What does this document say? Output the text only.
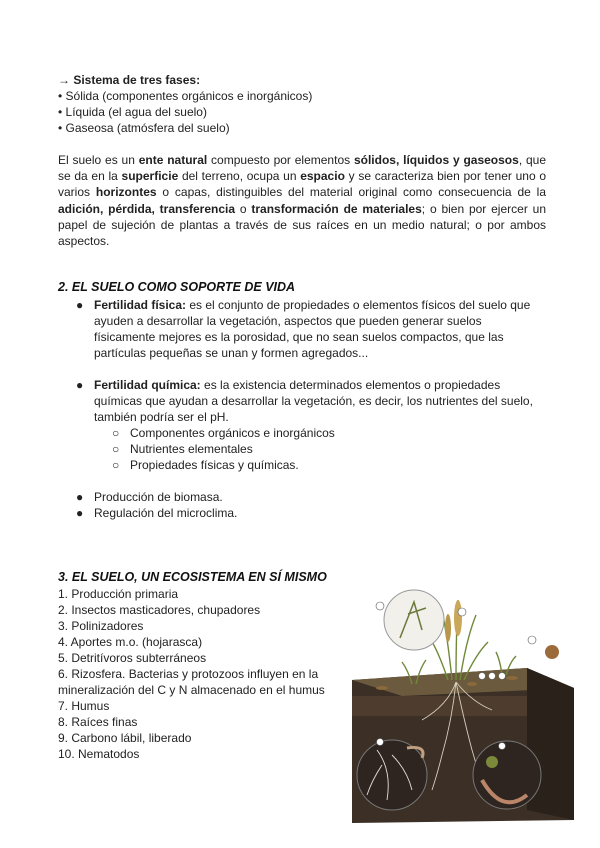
→ Sistema de tres fases:
• Sólida (componentes orgánicos e inorgánicos)
• Líquida (el agua del suelo)
• Gaseosa (atmósfera del suelo)
El suelo es un ente natural compuesto por elementos sólidos, líquidos y gaseosos, que se da en la superficie del terreno, ocupa un espacio y se caracteriza bien por tener uno o varios horizontes o capas, distinguibles del material original como consecuencia de la adición, pérdida, transferencia o transformación de materiales; o bien por ejercer un papel de sujeción de plantas a través de sus raíces en un medio natural; o por ambos aspectos.
2. EL SUELO COMO SOPORTE DE VIDA
● Fertilidad física: es el conjunto de propiedades o elementos físicos del suelo que ayuden a desarrollar la vegetación, aspectos que pueden generar suelos físicamente mejores es la porosidad, que no sean suelos compactos, que las partículas pequeñas se unan y formen agregados...
● Fertilidad química: es la existencia determinados elementos o propiedades químicas que ayudan a desarrollar la vegetación, es decir, los nutrientes del suelo, también podría ser el pH.
○ Componentes orgánicos e inorgánicos
○ Nutrientes elementales
○ Propiedades físicas y químicas.
● Producción de biomasa.
● Regulación del microclima.
3. EL SUELO, UN ECOSISTEMA EN SÍ MISMO
1. Producción primaria
2. Insectos masticadores, chupadores
3. Polinizadores
4. Aportes m.o. (hojarasca)
5. Detritívoros subterráneos
6. Rizosfera. Bacterias y protozoos influyen en la mineralización del C y N almacenado en el humus
7. Humus
8. Raíces finas
9. Carbono lábil, liberado
10. Nematodos
